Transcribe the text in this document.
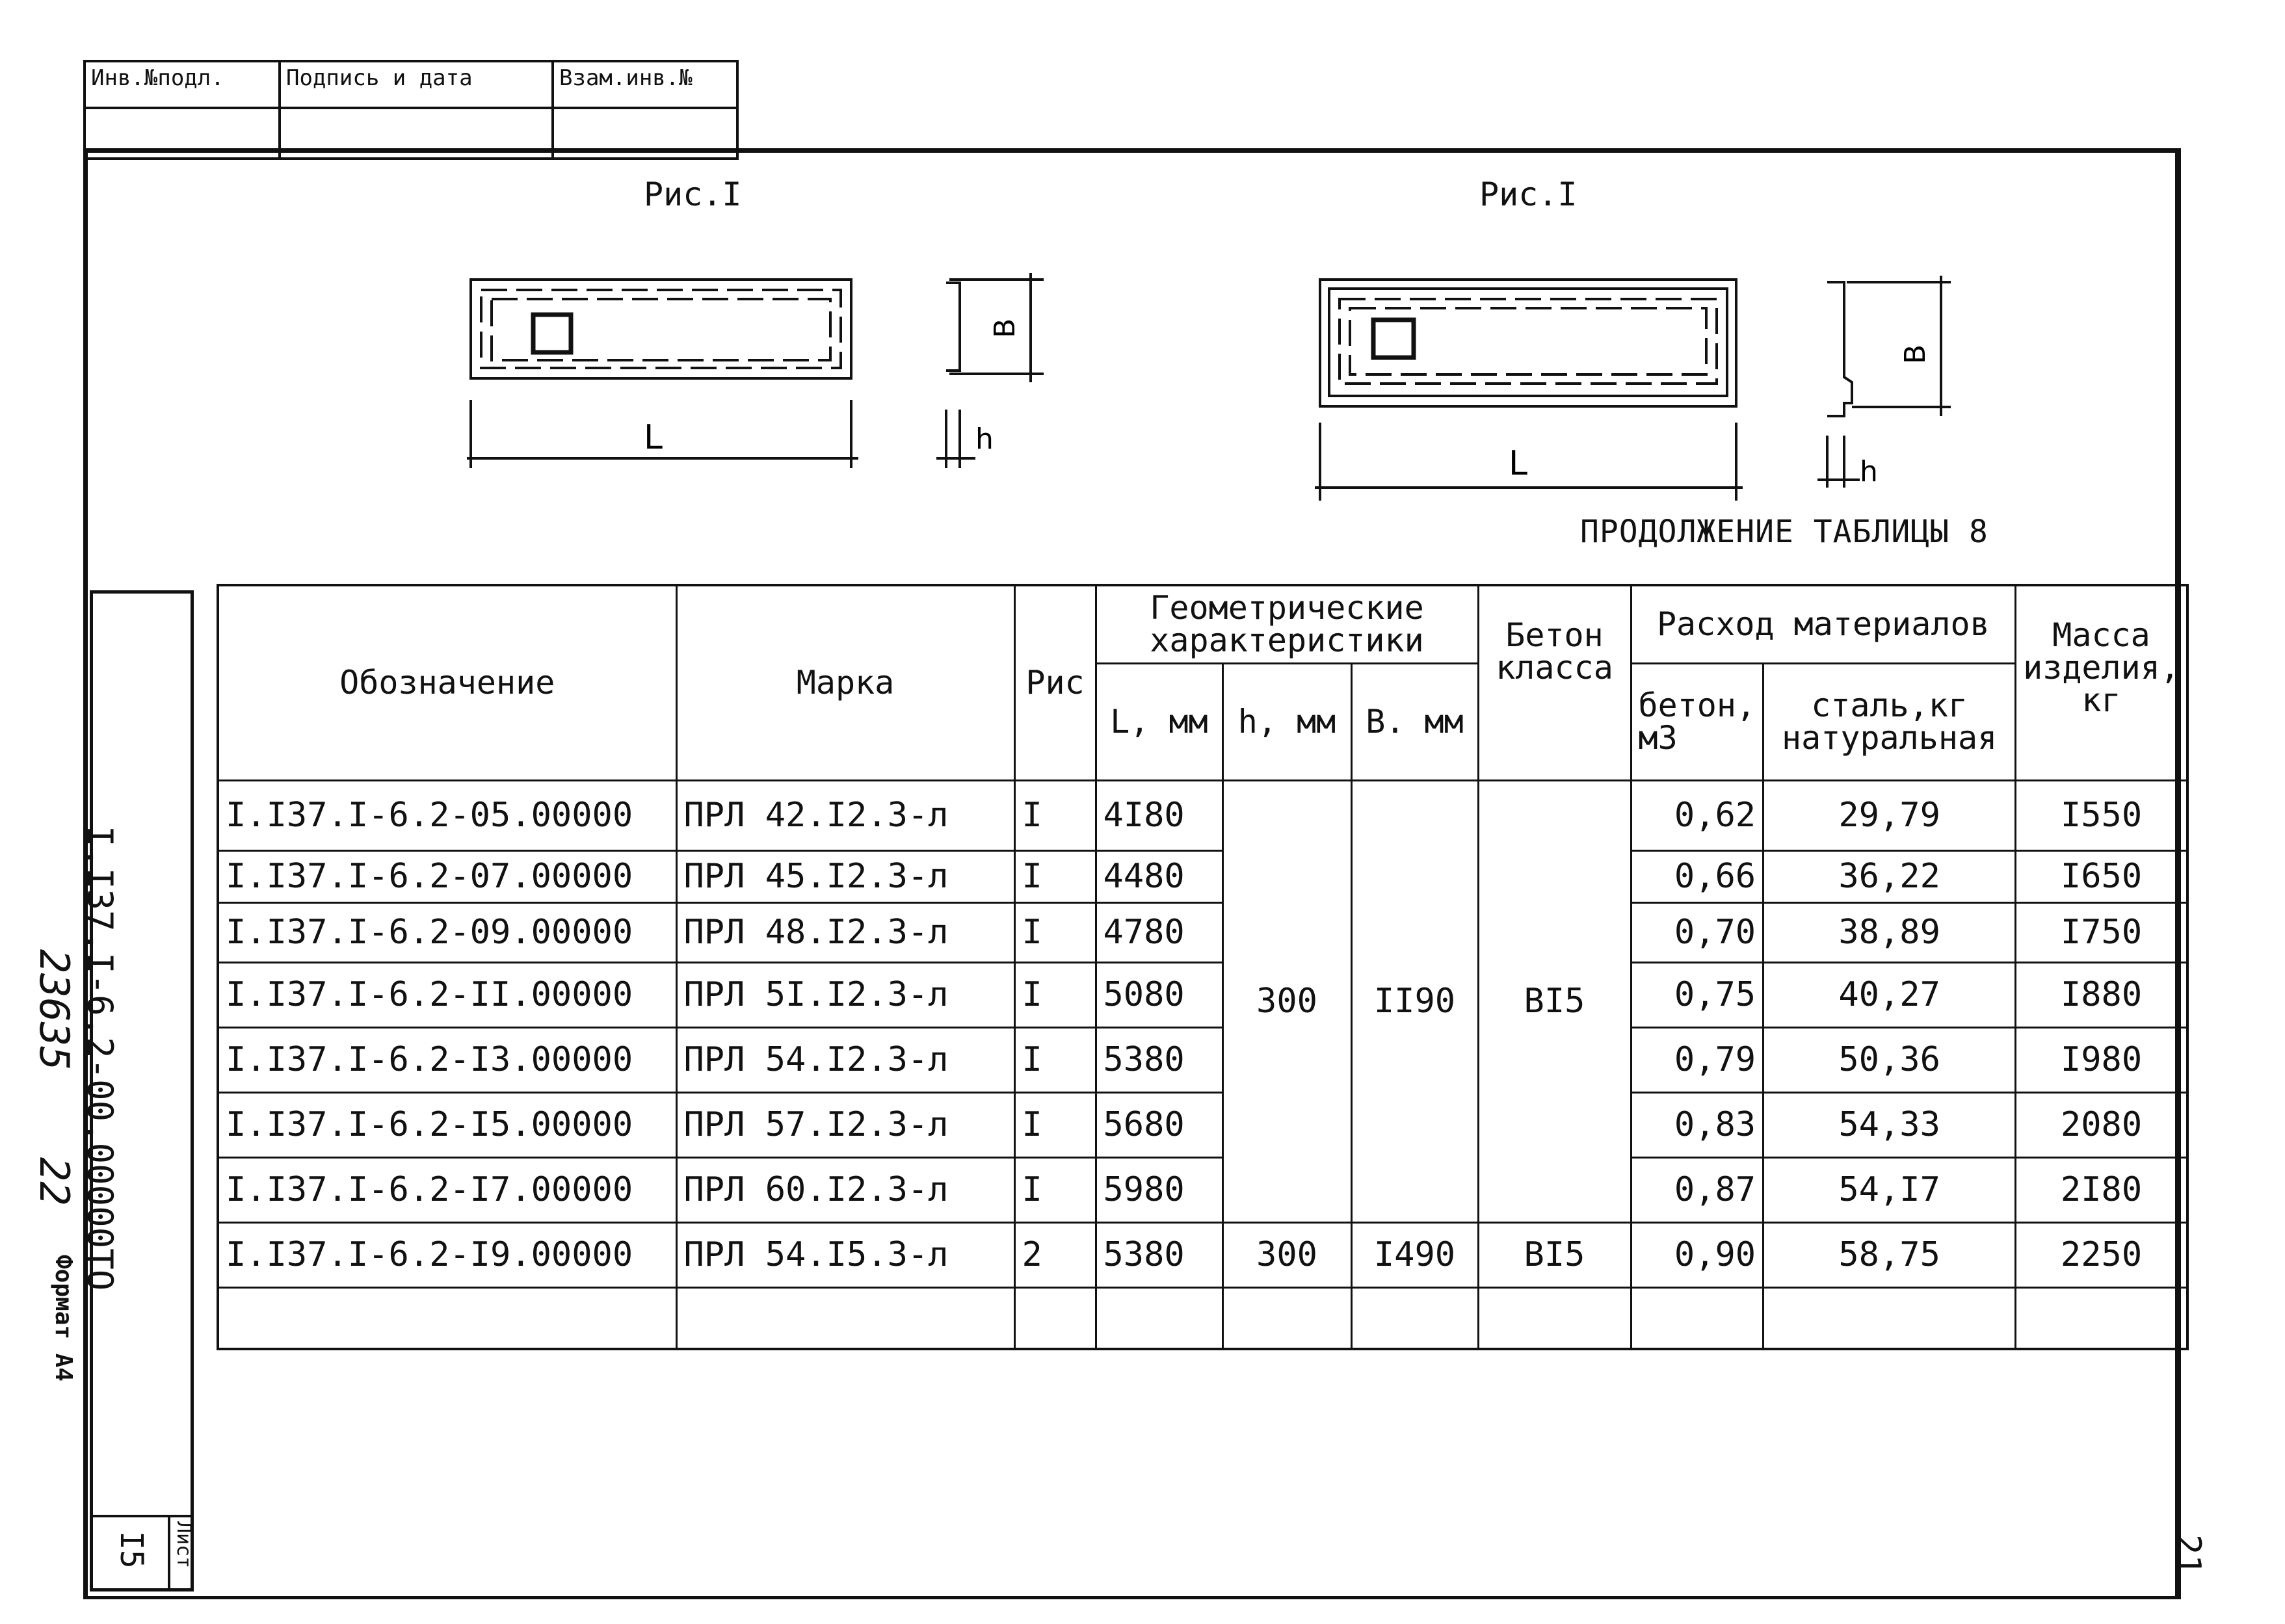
Инв.№подл.	Подпись и дата	Взам.инв.№

Рис.I	Рис.I
L	h
B
L	h
B
ПРОДОЛЖЕНИЕ ТАБЛИЦЫ 8
Обозначение	Марка	Рис	Геометрические характеристики			Бетон класса	Расход материалов		Масса изделия, кг
			L, мм	h, мм	B. мм		бетон, м3	сталь,кг натуральная	
I.I37.I-6.2-05.00000	ПРЛ 42.I2.3-л	I	4I80	300	II90	BI5	0,62	29,79	I550
I.I37.I-6.2-07.00000	ПРЛ 45.I2.3-л	I	4480				0,66	36,22	I650
I.I37.I-6.2-09.00000	ПРЛ 48.I2.3-л	I	4780				0,70	38,89	I750
I.I37.I-6.2-II.00000	ПРЛ 5I.I2.3-л	I	5080				0,75	40,27	I880
I.I37.I-6.2-I3.00000	ПРЛ 54.I2.3-л	I	5380				0,79	50,36	I980
I.I37.I-6.2-I5.00000	ПРЛ 57.I2.3-л	I	5680				0,83	54,33	2080
I.I37.I-6.2-I7.00000	ПРЛ 60.I2.3-л	I	5980				0,87	54,I7	2I80
I.I37.I-6.2-I9.00000	ПРЛ 54.I5.3-л	2	5380	300	I490	BI5	0,90	58,75	2250

I.I37.I-6.2-00.00000ТО
23635
22
Формат А4
Лист
I5	21
